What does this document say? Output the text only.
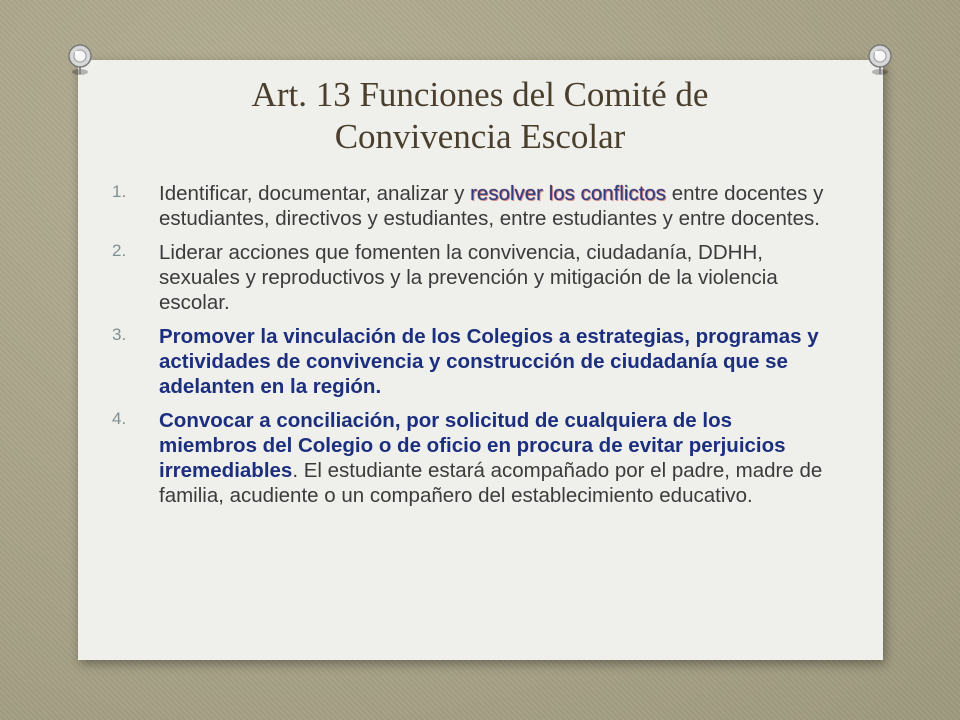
Art. 13 Funciones del Comité de
Convivencia Escolar
1. Identificar, documentar, analizar y resolver los conflictos entre docentes y estudiantes, directivos y estudiantes, entre estudiantes y entre docentes.
2. Liderar acciones que fomenten la convivencia, ciudadanía, DDHH, sexuales y reproductivos y la prevención y mitigación de la violencia escolar.
3. Promover la vinculación de los Colegios a estrategias, programas y actividades de convivencia y construcción de ciudadanía que se adelanten en la región.
4. Convocar a conciliación, por solicitud de cualquiera de los miembros del Colegio o de oficio en procura de evitar perjuicios irremediables. El estudiante estará acompañado por el padre, madre de familia, acudiente o un compañero del establecimiento educativo.
